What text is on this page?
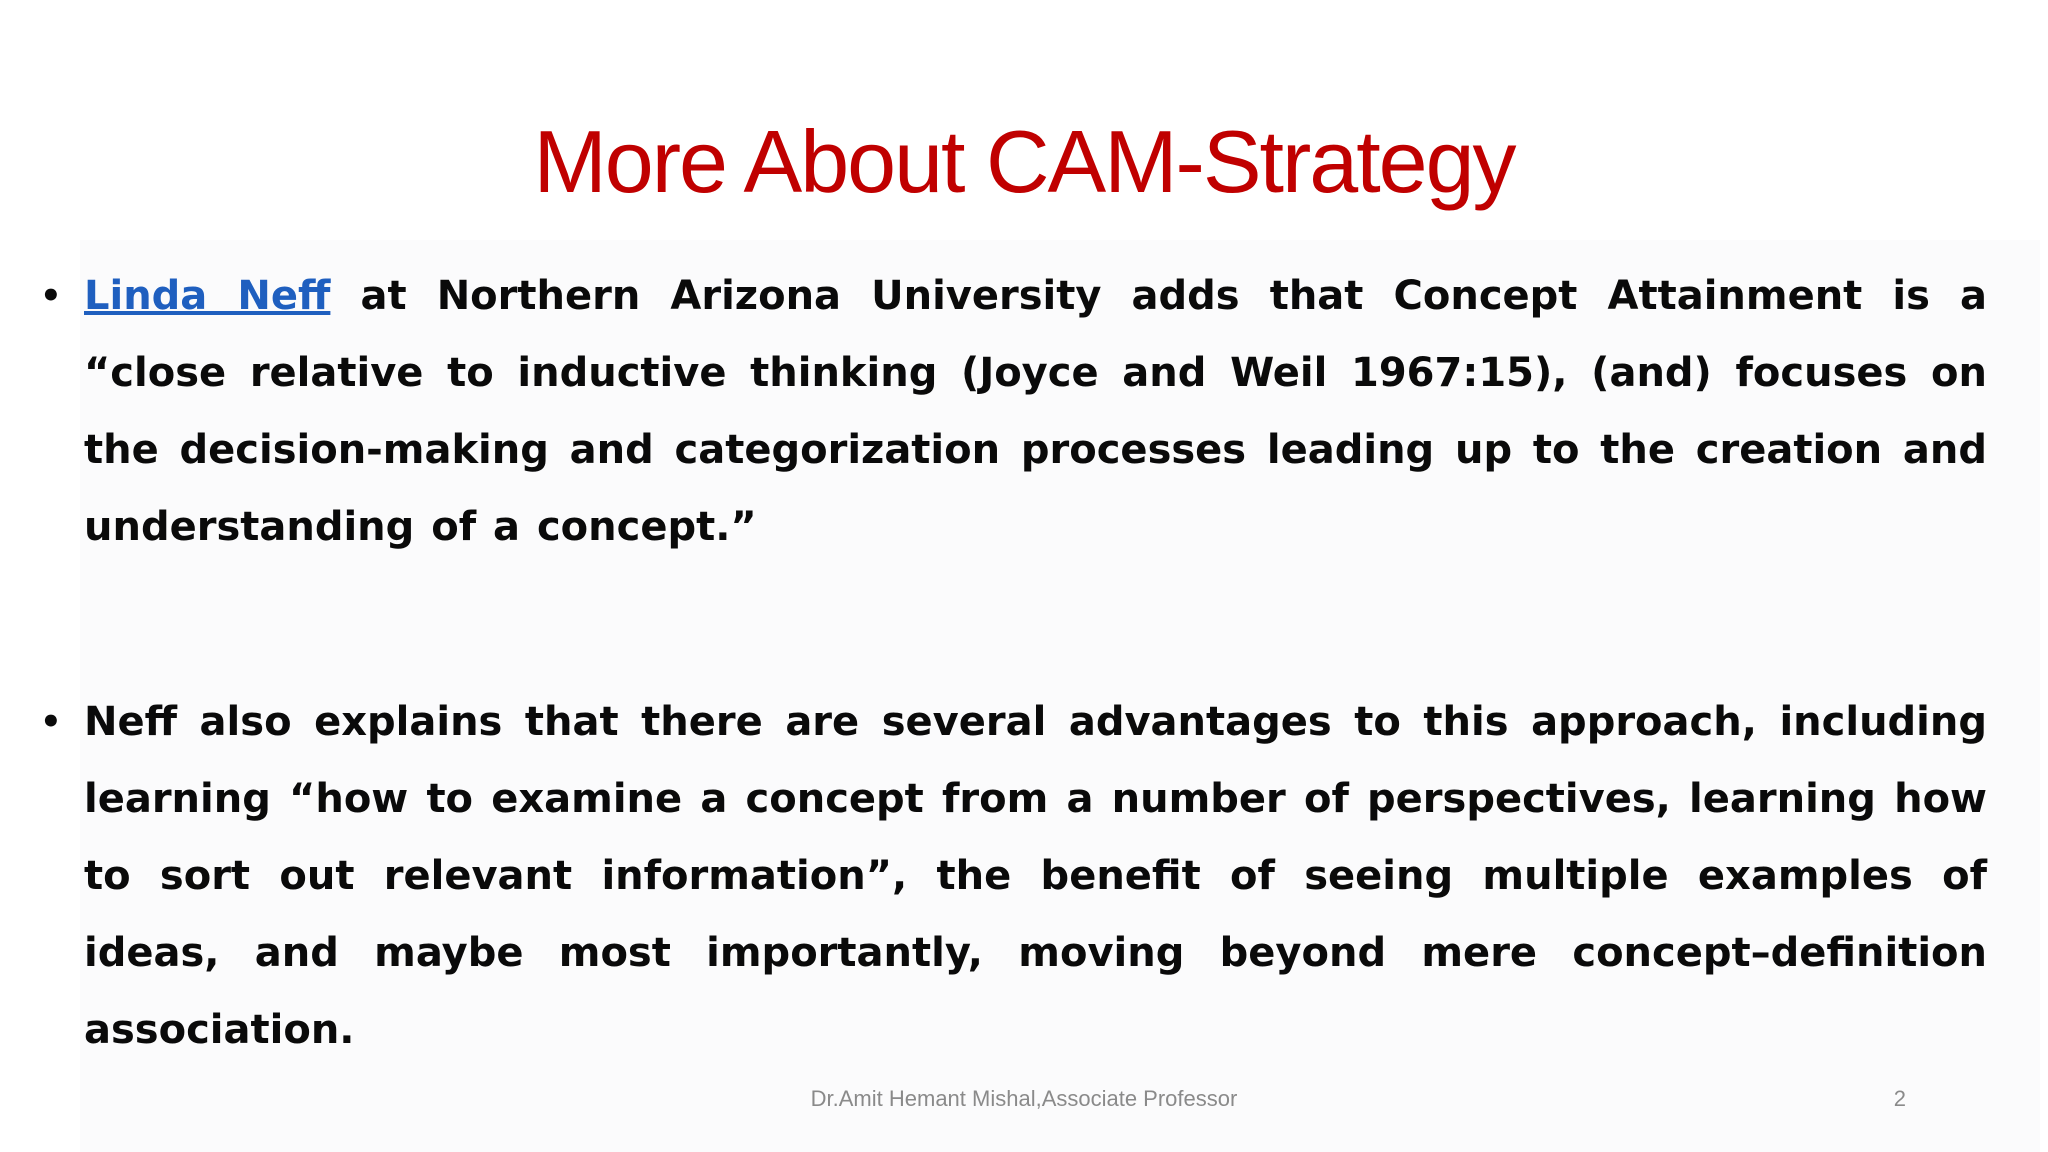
More About CAM-Strategy
• Linda Neff at Northern Arizona University adds that Concept Attainment is a “close relative to inductive thinking (Joyce and Weil 1967:15), (and) focuses on the decision-making and categorization processes leading up to the creation and understanding of a concept.”
• Neff also explains that there are several advantages to this approach, including learning “how to examine a concept from a number of perspectives, learning how to sort out relevant information”, the benefit of seeing multiple examples of ideas, and maybe most importantly, moving beyond mere concept–definition association.
Dr.Amit Hemant Mishal,Associate Professor	2
